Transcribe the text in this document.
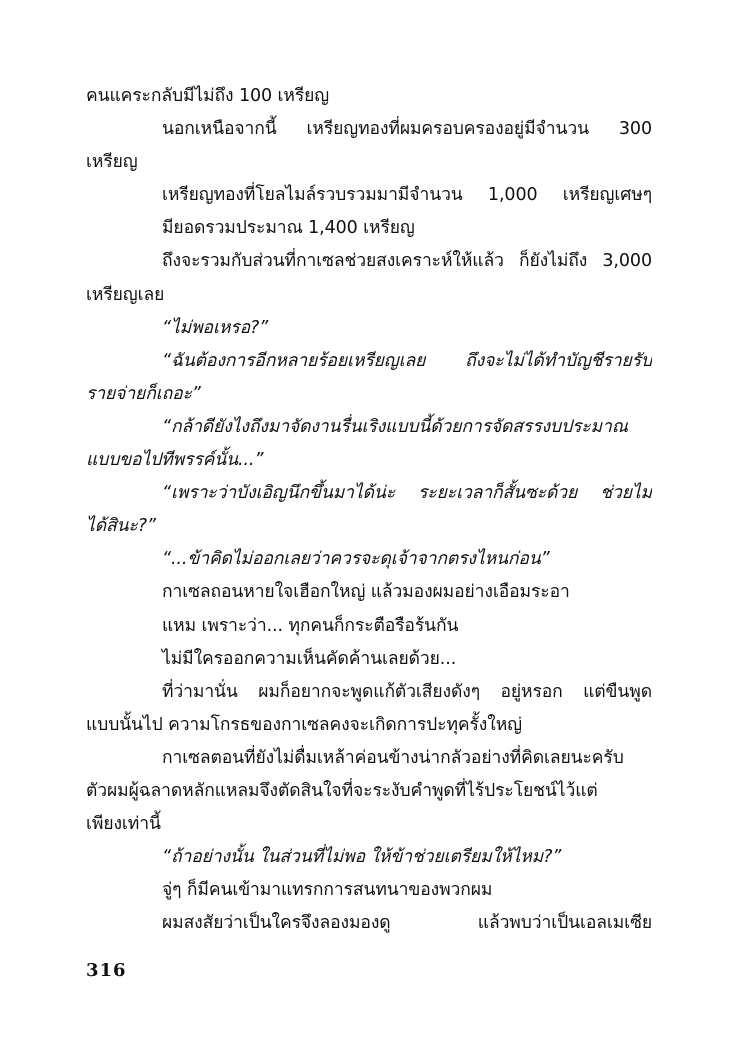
คนแคระกลับมีไม่ถึง 100 เหรียญ
นอกเหนือจากนี้ เหรียญทองที่ผมครอบครองอยู่มีจำนวน 300
เหรียญ
เหรียญทองที่โยลไมล์รวบรวมมามีจำนวน 1,000 เหรียญเศษๆ
มียอดรวมประมาณ 1,400 เหรียญ
ถึงจะรวมกับส่วนที่กาเซลช่วยสงเคราะห์ให้แล้ว ก็ยังไม่ถึง 3,000
เหรียญเลย
“ไม่พอเหรอ?”
“ฉันต้องการอีกหลายร้อยเหรียญเลย ถึงจะไม่ได้ทำบัญชีรายรับ
รายจ่ายก็เถอะ”
“กล้าดียังไงถึงมาจัดงานรื่นเริงแบบนี้ด้วยการจัดสรรงบประมาณ
แบบขอไปทีพรรค์นั้น...”
“เพราะว่าบังเอิญนึกขึ้นมาได้น่ะ ระยะเวลาก็สั้นซะด้วย ช่วยไม่
ได้สินะ?”
“...ข้าคิดไม่ออกเลยว่าควรจะดุเจ้าจากตรงไหนก่อน”
กาเซลถอนหายใจเฮือกใหญ่ แล้วมองผมอย่างเอือมระอา
แหม เพราะว่า... ทุกคนก็กระตือรือร้นกัน
ไม่มีใครออกความเห็นคัดค้านเลยด้วย...
ที่ว่ามานั่น ผมก็อยากจะพูดแก้ตัวเสียงดังๆ อยู่หรอก แต่ขืนพูด
แบบนั้นไป ความโกรธของกาเซลคงจะเกิดการปะทุครั้งใหญ่
กาเซลตอนที่ยังไม่ดื่มเหล้าค่อนข้างน่ากลัวอย่างที่คิดเลยนะครับ
ตัวผมผู้ฉลาดหลักแหลมจึงตัดสินใจที่จะระงับคำพูดที่ไร้ประโยชน์ไว้แต่
เพียงเท่านี้
“ถ้าอย่างนั้น ในส่วนที่ไม่พอ ให้ข้าช่วยเตรียมให้ไหม?”
จู่ๆ ก็มีคนเข้ามาแทรกการสนทนาของพวกผม
ผมสงสัยว่าเป็นใครจึงลองมองดู แล้วพบว่าเป็นเอลเมเซีย
316
